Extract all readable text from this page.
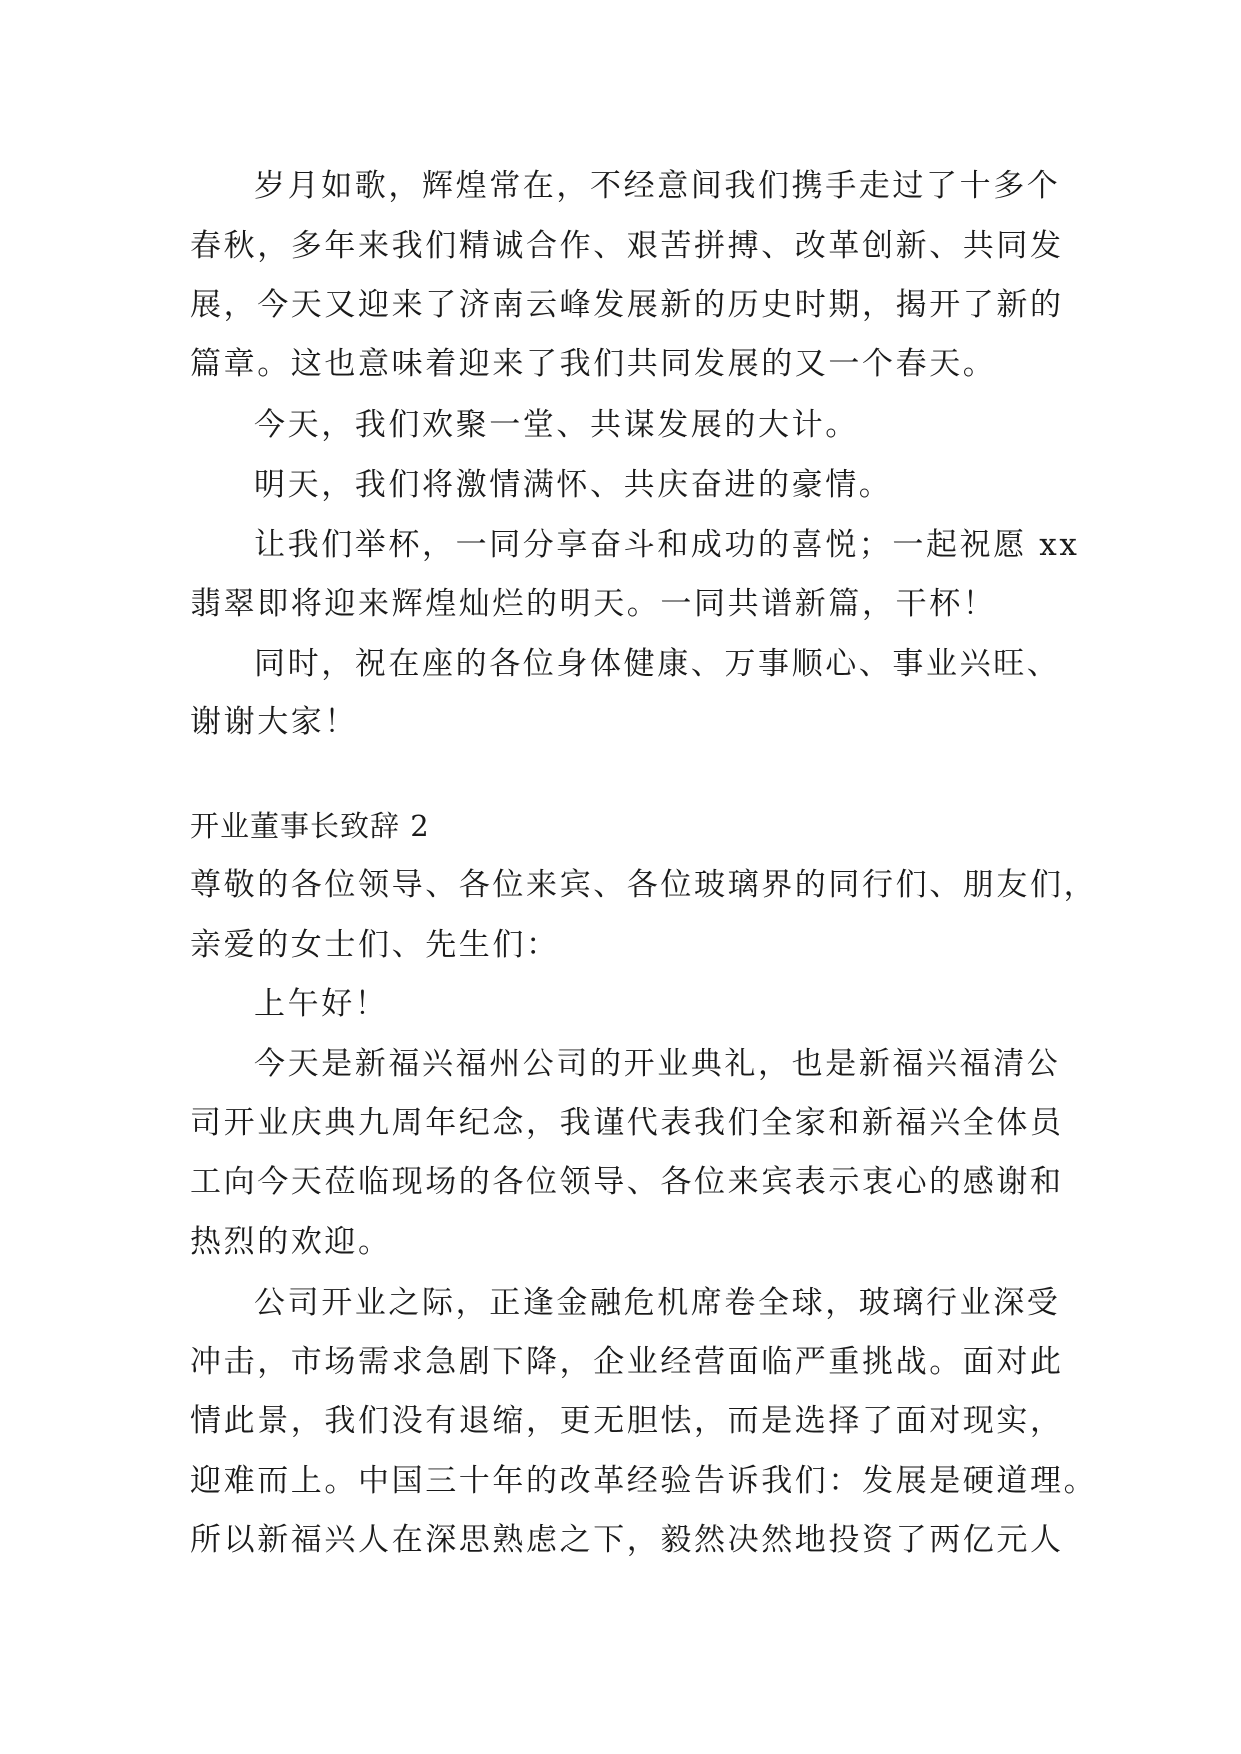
岁月如歌，辉煌常在，不经意间我们携手走过了十多个
春秋，多年来我们精诚合作、艰苦拼搏、改革创新、共同发
展，今天又迎来了济南云峰发展新的历史时期，揭开了新的
篇章。这也意味着迎来了我们共同发展的又一个春天。
今天，我们欢聚一堂、共谋发展的大计。
明天，我们将激情满怀、共庆奋进的豪情。
让我们举杯，一同分享奋斗和成功的喜悦；一起祝愿 xx
翡翠即将迎来辉煌灿烂的明天。一同共谱新篇，干杯！
同时，祝在座的各位身体健康、万事顺心、事业兴旺、
谢谢大家！
开业董事长致辞 2
尊敬的各位领导、各位来宾、各位玻璃界的同行们、朋友们，
亲爱的女士们、先生们：
上午好！
今天是新福兴福州公司的开业典礼，也是新福兴福清公
司开业庆典九周年纪念，我谨代表我们全家和新福兴全体员
工向今天莅临现场的各位领导、各位来宾表示衷心的感谢和
热烈的欢迎。
公司开业之际，正逢金融危机席卷全球，玻璃行业深受
冲击，市场需求急剧下降，企业经营面临严重挑战。面对此
情此景，我们没有退缩，更无胆怯，而是选择了面对现实，
迎难而上。中国三十年的改革经验告诉我们：发展是硬道理。
所以新福兴人在深思熟虑之下，毅然决然地投资了两亿元人
